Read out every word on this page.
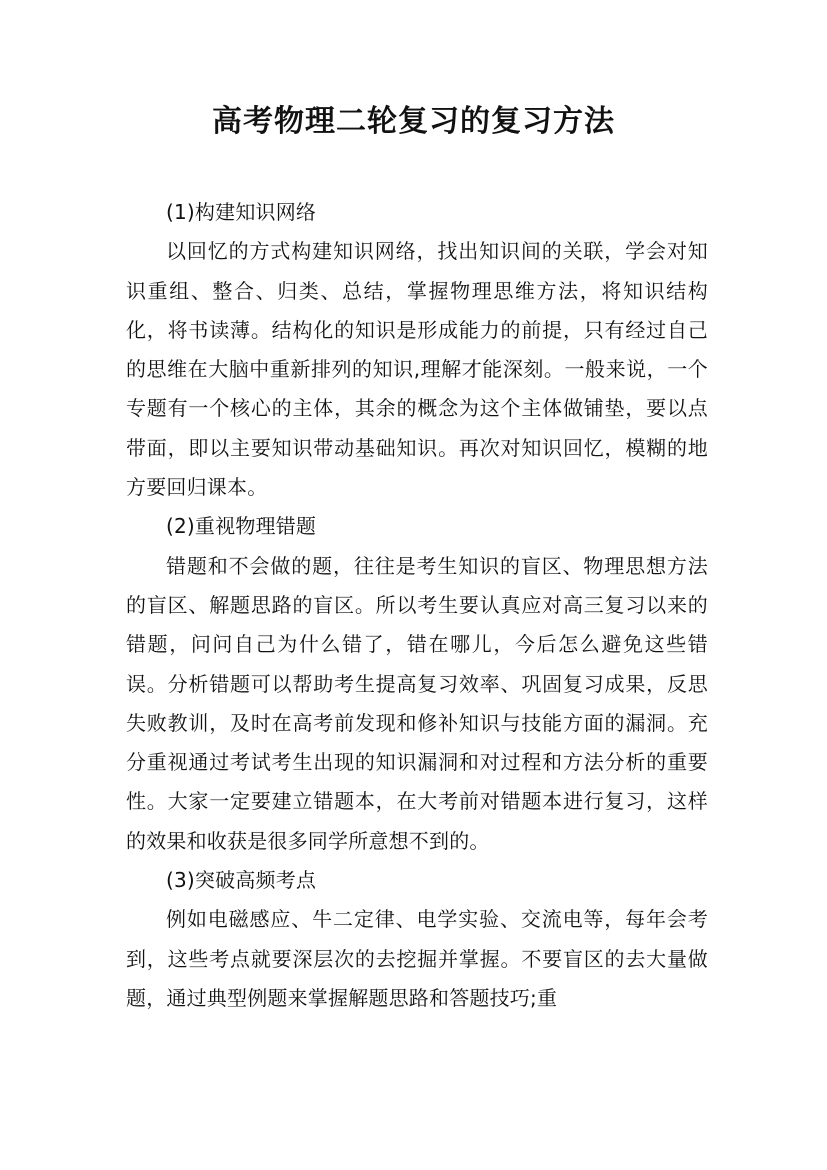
高考物理二轮复习的复习方法

(1)构建知识网络

以回忆的方式构建知识网络，找出知识间的关联，学会对知识重组、整合、归类、总结，掌握物理思维方法，将知识结构化，将书读薄。结构化的知识是形成能力的前提，只有经过自己的思维在大脑中重新排列的知识,理解才能深刻。一般来说，一个专题有一个核心的主体，其余的概念为这个主体做铺垫，要以点带面，即以主要知识带动基础知识。再次对知识回忆，模糊的地方要回归课本。

(2)重视物理错题

错题和不会做的题，往往是考生知识的盲区、物理思想方法的盲区、解题思路的盲区。所以考生要认真应对高三复习以来的错题，问问自己为什么错了，错在哪儿，今后怎么避免这些错误。分析错题可以帮助考生提高复习效率、巩固复习成果，反思失败教训，及时在高考前发现和修补知识与技能方面的漏洞。充分重视通过考试考生出现的知识漏洞和对过程和方法分析的重要性。大家一定要建立错题本，在大考前对错题本进行复习，这样的效果和收获是很多同学所意想不到的。

(3)突破高频考点

例如电磁感应、牛二定律、电学实验、交流电等，每年会考到，这些考点就要深层次的去挖掘并掌握。不要盲区的去大量做题，通过典型例题来掌握解题思路和答题技巧;重
